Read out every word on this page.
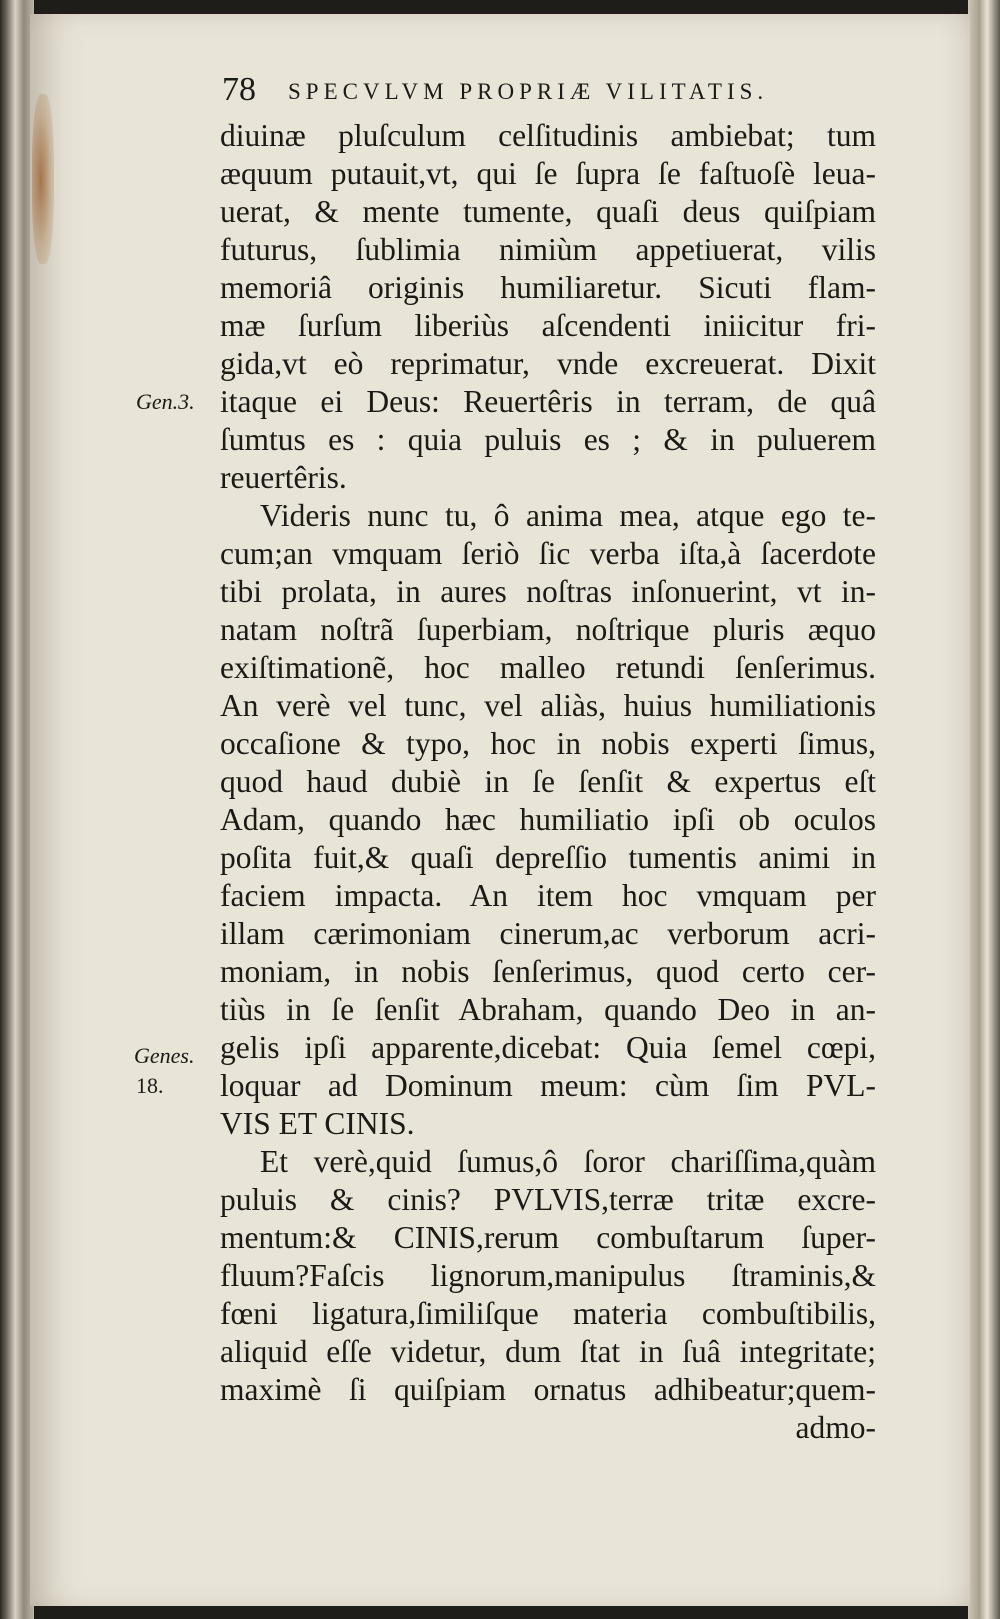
78 SPECVLVM PROPRIÆ VILITATIS.
Gen.3.
Genes.
18.
diuinæ pluſculum celſitudinis ambiebat; tum
æquum putauit,vt, qui ſe ſupra ſe faſtuoſè leua-
uerat, & mente tumente, quaſi deus quiſpiam
futurus, ſublimia nimiùm appetiuerat, vilis
memoriâ originis humiliaretur. Sicuti flam-
mæ ſurſum liberiùs aſcendenti iniicitur fri-
gida,vt eò reprimatur, vnde excreuerat. Dixit
itaque ei Deus: Reuertêris in terram, de quâ
ſumtus es : quia puluis es ; & in puluerem
reuertêris.
Videris nunc tu, ô anima mea, atque ego te-
cum;an vmquam ſeriò ſic verba iſta,à ſacerdote
tibi prolata, in aures noſtras inſonuerint, vt in-
natam noſtrã ſuperbiam, noſtrique pluris æquo
exiſtimationẽ, hoc malleo retundi ſenſerimus.
An verè vel tunc, vel aliàs, huius humiliationis
occaſione & typo, hoc in nobis experti ſimus,
quod haud dubiè in ſe ſenſit & expertus eſt
Adam, quando hæc humiliatio ipſi ob oculos
poſita fuit,& quaſi depreſſio tumentis animi in
faciem impacta. An item hoc vmquam per
illam cærimoniam cinerum,ac verborum acri-
moniam, in nobis ſenſerimus, quod certo cer-
tiùs in ſe ſenſit Abraham, quando Deo in an-
gelis ipſi apparente,dicebat: Quia ſemel cœpi,
loquar ad Dominum meum: cùm ſim PVL-
VIS ET CINIS.
Et verè,quid ſumus,ô ſoror chariſſima,quàm
puluis & cinis? PVLVIS,terræ tritæ excre-
mentum:& CINIS,rerum combuſtarum ſuper-
fluum?Faſcis lignorum,manipulus ſtraminis,&
fœni ligatura,ſimiliſque materia combuſtibilis,
aliquid eſſe videtur, dum ſtat in ſuâ integritate;
maximè ſi quiſpiam ornatus adhibeatur;quem-
admo-
